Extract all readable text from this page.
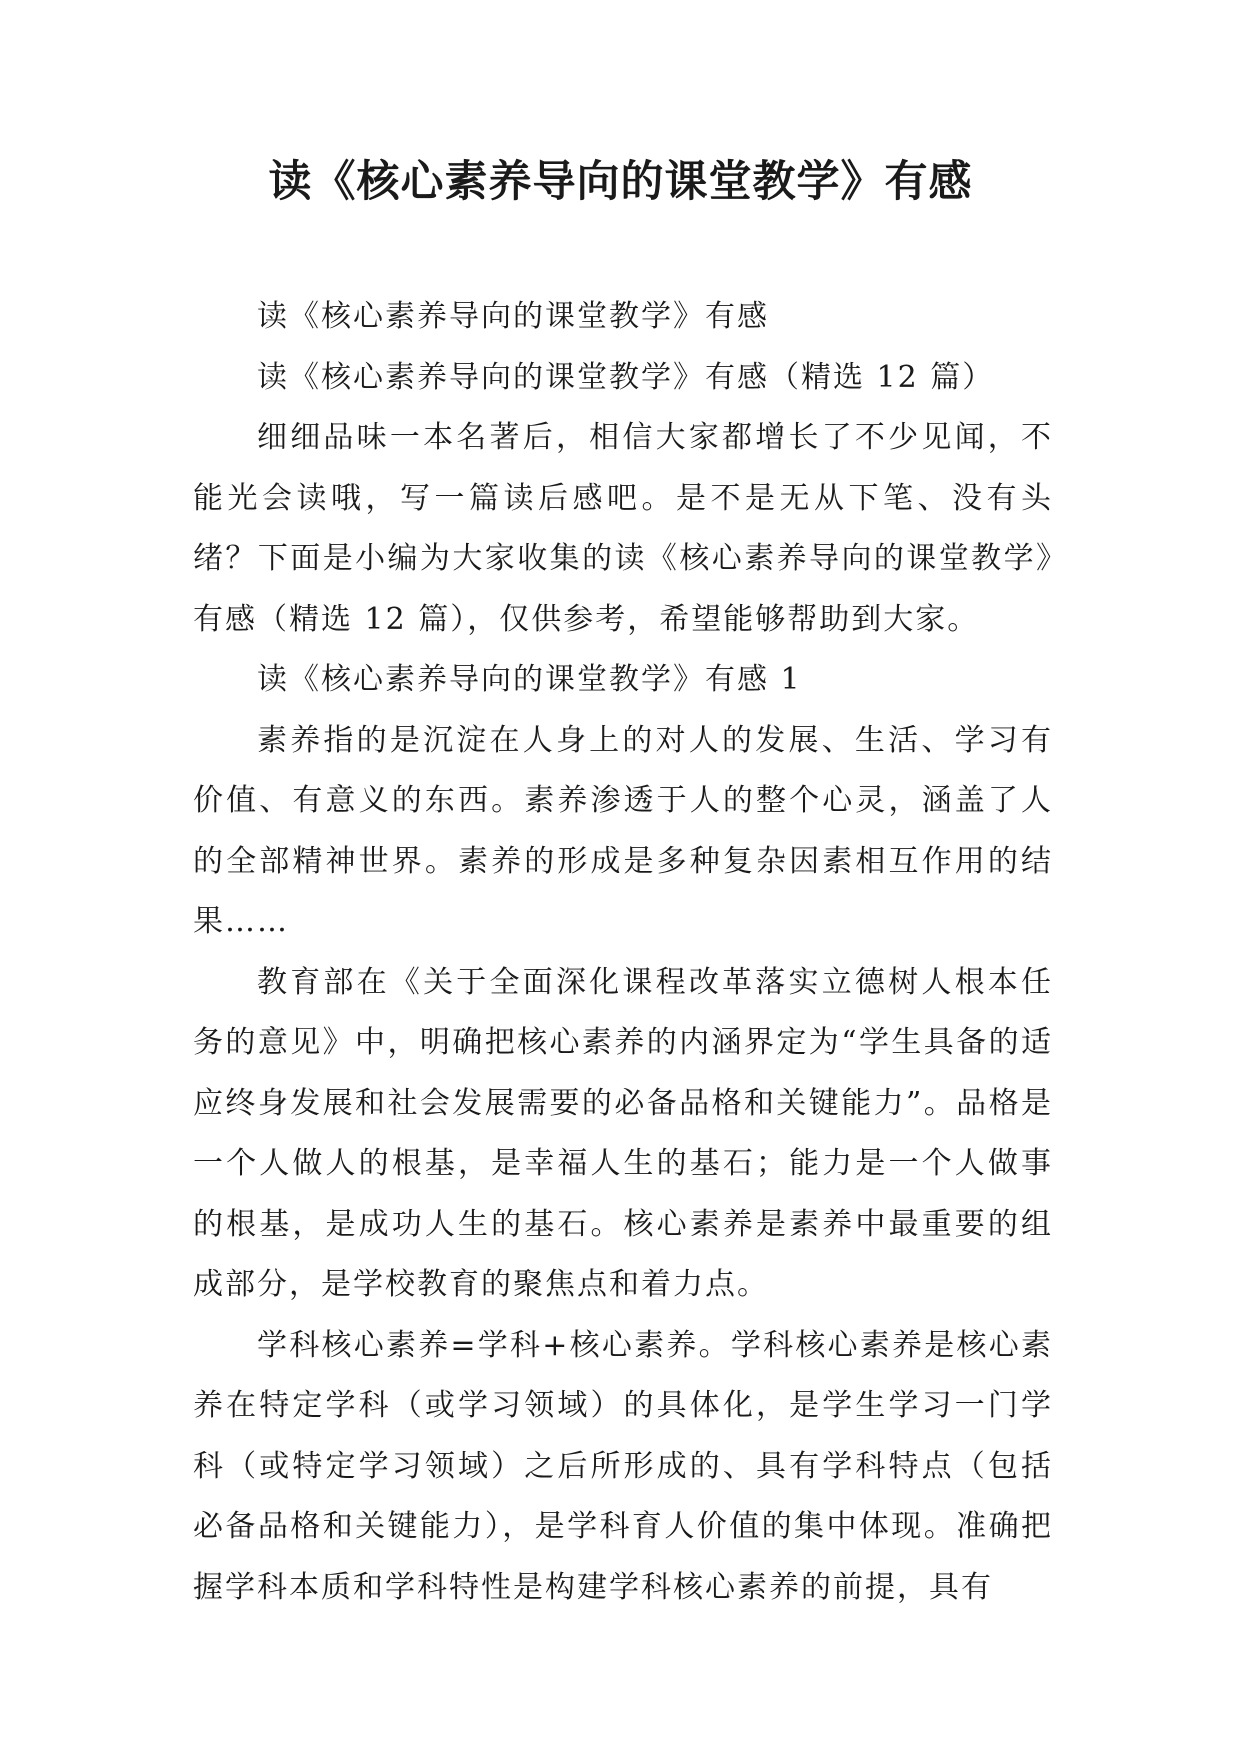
读《核心素养导向的课堂教学》有感

读《核心素养导向的课堂教学》有感

读《核心素养导向的课堂教学》有感（精选 12 篇）

细细品味一本名著后，相信大家都增长了不少见闻，不能光会读哦，写一篇读后感吧。是不是无从下笔、没有头绪？下面是小编为大家收集的读《核心素养导向的课堂教学》有感（精选 12 篇），仅供参考，希望能够帮助到大家。

读《核心素养导向的课堂教学》有感 1

素养指的是沉淀在人身上的对人的发展、生活、学习有价值、有意义的东西。素养渗透于人的整个心灵，涵盖了人的全部精神世界。素养的形成是多种复杂因素相互作用的结果……

教育部在《关于全面深化课程改革落实立德树人根本任务的意见》中，明确把核心素养的内涵界定为“学生具备的适应终身发展和社会发展需要的必备品格和关键能力”。品格是一个人做人的根基，是幸福人生的基石；能力是一个人做事的根基，是成功人生的基石。核心素养是素养中最重要的组成部分，是学校教育的聚焦点和着力点。

学科核心素养=学科+核心素养。学科核心素养是核心素养在特定学科（或学习领域）的具体化，是学生学习一门学科（或特定学习领域）之后所形成的、具有学科特点（包括必备品格和关键能力），是学科育人价值的集中体现。准确把握学科本质和学科特性是构建学科核心素养的前提，具有
